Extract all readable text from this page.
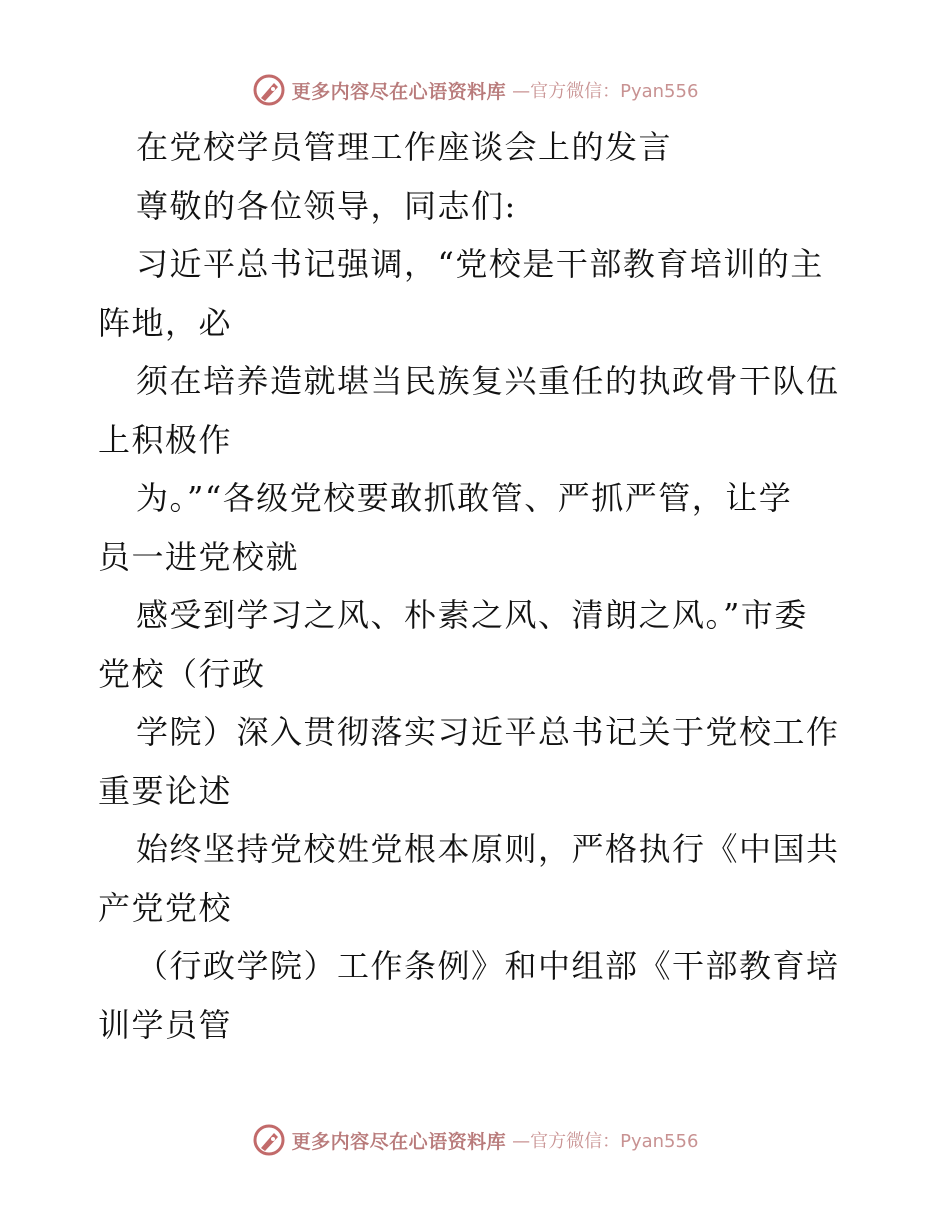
更多内容尽在心语资料库 —官方微信：Pyan556
在党校学员管理工作座谈会上的发言
尊敬的各位领导，同志们:
习近平总书记强调，“党校是干部教育培训的主
阵地，必
须在培养造就堪当民族复兴重任的执政骨干队伍
上积极作
为。”“各级党校要敢抓敢管、严抓严管，让学
员一进党校就
感受到学习之风、朴素之风、清朗之风。”市委
党校（行政
学院）深入贯彻落实习近平总书记关于党校工作
重要论述
始终坚持党校姓党根本原则，严格执行《中国共
产党党校
（行政学院）工作条例》和中组部《干部教育培
训学员管
更多内容尽在心语资料库 —官方微信：Pyan556
